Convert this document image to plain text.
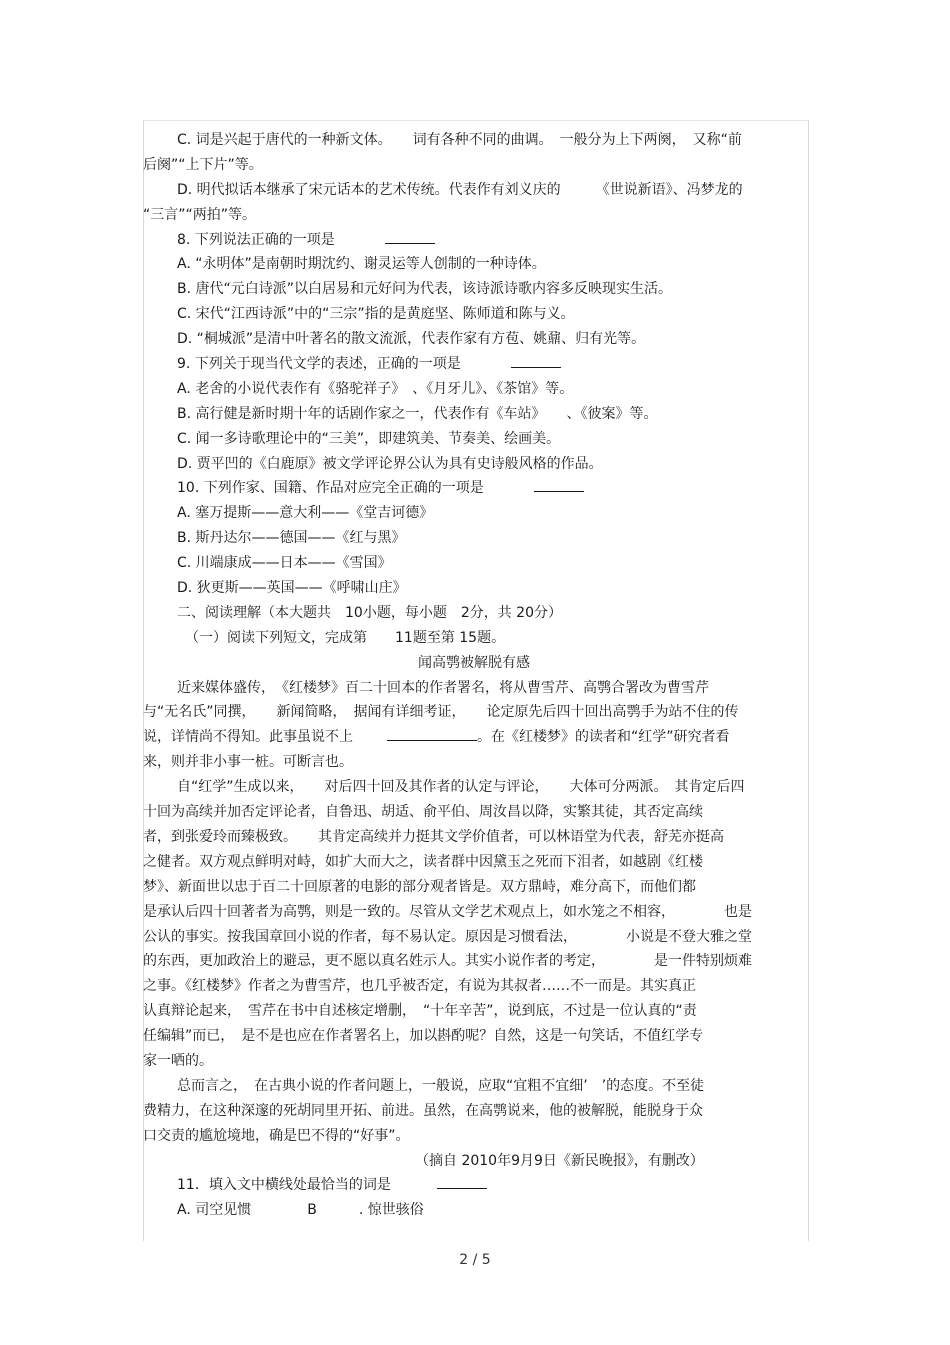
C. 词是兴起于唐代的一种新文体。　　词有各种不同的曲调。　一般分为上下两阕，　又称“前
后阕”“上下片”等。
D. 明代拟话本继承了宋元话本的艺术传统。代表作有刘义庆的　　　《世说新语》、冯梦龙的
“三言”“两拍”等。
8. 下列说法正确的一项是
A. “永明体”是南朝时期沈约、谢灵运等人创制的一种诗体。
B. 唐代“元白诗派”以白居易和元好问为代表，该诗派诗歌内容多反映现实生活。
C. 宋代“江西诗派”中的“三宗”指的是黄庭坚、陈师道和陈与义。
D. “桐城派”是清中叶著名的散文流派，代表作家有方苞、姚鼐、归有光等。
9. 下列关于现当代文学的表述，正确的一项是
A. 老舍的小说代表作有《骆驼祥子》　、《月牙儿》、《茶馆》等。
B. 高行健是新时期十年的话剧作家之一，代表作有《车站》　　、《彼案》等。
C. 闻一多诗歌理论中的“三美”，即建筑美、节奏美、绘画美。
D. 贾平凹的《白鹿原》被文学评论界公认为具有史诗般风格的作品。
10. 下列作家、国籍、作品对应完全正确的一项是
A. 塞万提斯——意大利——《堂吉诃德》
B. 斯丹达尔——德国——《红与黑》
C. 川端康成——日本——《雪国》
D. 狄更斯——英国——《呼啸山庄》
二、阅读理解（本大题共　10小题，每小题　2分，共 20分）
（一）阅读下列短文，完成第　　11题至第 15题。
闻高鹗被解脱有感
近来媒体盛传，　《红楼梦》百二十回本的作者署名，将从曹雪芹、高鹗合署改为曹雪芹
与“无名氏”同撰，　　新闻简略，　据闻有详细考证，　　论定原先后四十回出高鹗手为站不住的传
说，详情尚不得知。此事虽说不上	。在《红楼梦》的读者和“红学”研究者看
来，则并非小事一桩。可断言也。
自“红学”生成以来，　　对后四十回及其作者的认定与评论，　　大体可分两派。　其肯定后四
十回为高续并加否定评论者，自鲁迅、胡适、俞平伯、周汝昌以降，实繁其徒，其否定高续
者，到张爱玲而臻极致。　　其肯定高续并力挺其文学价值者，可以林语堂为代表，舒芜亦挺高
之健者。双方观点鲜明对峙，如扩大而大之，读者群中因黛玉之死而下泪者，如越剧《红楼
梦》、新面世以忠于百二十回原著的电影的部分观者皆是。双方鼎峙，难分高下，而他们都
是承认后四十回著者为高鹗，则是一致的。尽管从文学艺术观点上，如水笼之不相容，　　　　也是
公认的事实。按我国章回小说的作者，每不易认定。原因是习惯看法，　　　　小说是不登大雅之堂
的东西，更加政治上的避忌，更不愿以真名姓示人。其实小说作者的考定，　　　　是一件特别烦难
之事。《红楼梦》作者之为曹雪芹，也几乎被否定，有说为其叔者……不一而是。其实真正
认真辩论起来，　雪芹在书中自述核定增删，　“十年辛苦”，说到底，不过是一位认真的“责
任编辑”而已，　是不是也应在作者署名上，加以斟酌呢？自然，这是一句笑话，不值红学专
家一哂的。
总而言之，　在古典小说的作者问题上，一般说，应取“宜粗不宜细’　’的态度。不至徒
费精力，在这种深邃的死胡同里开拓、前进。虽然，在高鹗说来，他的被解脱，能脱身于众
口交责的尴尬境地，确是巴不得的“好事”。
（摘自 2010年9月9日《新民晚报》，有删改）
11．填入文中横线处最恰当的词是
A. 司空见惯　　　　B　　　. 惊世骇俗
2 / 5
